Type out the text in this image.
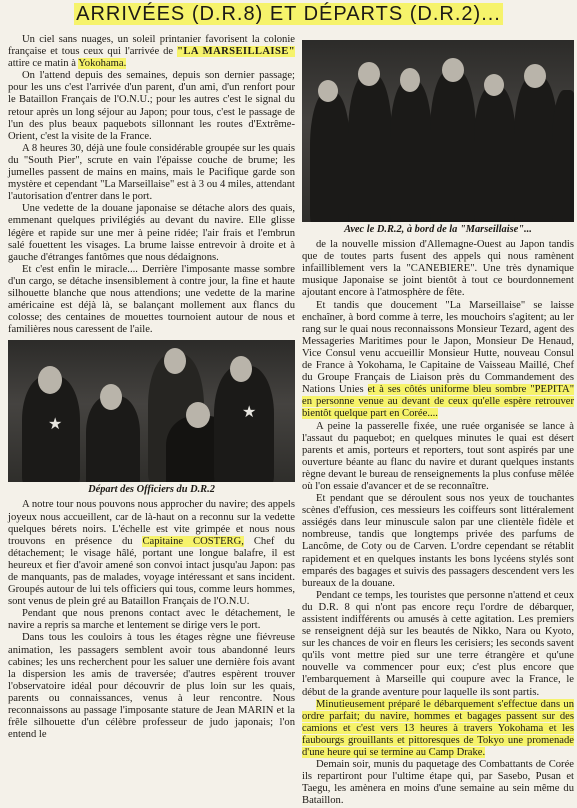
ARRIVÉES (D.R.8) ET DÉPARTS (D.R.2)...

Un ciel sans nuages, un soleil printanier favorisent la colonie française et tous ceux qui l'arrivée de "LA MARSEILLAISE" attire ce matin à Yokohama.

On l'attend depuis des semaines, depuis son dernier passage; pour les uns c'est l'arrivée d'un parent, d'un ami, d'un renfort pour le Bataillon Français de l'O.N.U.; pour les autres c'est le signal du retour après un long séjour au Japon; pour tous, c'est le passage de l'un des plus beaux paquebots sillonnant les routes d'Extrême-Orient, c'est la visite de la France.

A 8 heures 30, déjà une foule considérable groupée sur les quais du "South Pier", scrute en vain l'épaisse couche de brume; les jumelles passent de mains en mains, mais le Pacifique garde son mystère et cependant "La Marseillaise" est à 3 ou 4 miles, attendant l'autorisation d'entrer dans le port.

Une vedette de la douane japonaise se détache alors des quais, emmenant quelques privilégiés au devant du navire. Elle glisse légère et rapide sur une mer à peine ridée; l'air frais et l'embrun salé fouettent les visages. La brume laisse entrevoir à droite et à gauche d'étranges fantômes que nous dédaignons.

Et c'est enfin le miracle.... Derrière l'imposante masse sombre d'un cargo, se détache insensiblement à contre jour, la fine et haute silhouette blanche que nous attendions; une vedette de la marine américaine est déjà là, se balançant mollement aux flancs du colosse; des centaines de mouettes tournoient autour de nous et familières nous caressent de l'aile.

★
★
Départ des Officiers du D.R.2

A notre tour nous pouvons nous approcher du navire; des appels joyeux nous accueillent, car de là-haut on a reconnu sur la vedette quelques bérets noirs. L'échelle est vite grimpée et nous nous trouvons en présence du Capitaine COSTERG, Chef du détachement; le visage hâlé, portant une longue balafre, il est heureux et fier d'avoir amené son convoi intact jusqu'au Japon: pas de manquants, pas de malades, voyage intéressant et sans incident. Groupés autour de lui tels officiers qui tous, comme leurs hommes, sont venus de plein gré au Bataillon Français de l'O.N.U.

Pendant que nous prenons contact avec le détachement, le navire a repris sa marche et lentement se dirige vers le port.

Dans tous les couloirs à tous les étages règne une fiévreuse animation, les passagers semblent avoir tous abandonné leurs cabines; les uns recherchent pour les saluer une dernière fois avant la dispersion les amis de traversée; d'autres espèrent trouver l'observatoire idéal pour découvrir de plus loin sur les quais, parents ou connaissances, venus à leur rencontre. Nous reconnaissons au passage l'imposante stature de Jean MARIN et la frêle silhouette d'un célèbre professeur de judo japonais; l'on entend le

Avec le D.R.2, à bord de la "Marseillaise"...

de la nouvelle mission d'Allemagne-Ouest au Japon tandis que de toutes parts fusent des appels qui nous ramènent infailliblement vers la "CANEBIERE". Une très dynamique musique Japonaise se joint bientôt à tout ce bourdonnement ajoutant encore à l'atmosphère de fête.

Et tandis que doucement "La Marseillaise" se laisse enchaîner, à bord comme à terre, les mouchoirs s'agitent; au ler rang sur le quai nous reconnaissons Monsieur Tezard, agent des Messageries Maritimes pour le Japon, Monsieur De Henaud, Vice Consul venu accueillir Monsieur Hutte, nouveau Consul de France à Yokohama, le Capitaine de Vaisseau Maillé, Chef du Groupe Français de Liaison près du Commandement des Nations Unies et à ses côtés uniforme bleu sombre "PEPITA" en personne venue au devant de ceux qu'elle espère retrouver bientôt quelque part en Corée....

A peine la passerelle fixée, une ruée organisée se lance à l'assaut du paquebot; en quelques minutes le quai est désert parents et amis, porteurs et reporters, tout sont aspirés par une ouverture béante au flanc du navire et durant quelques instants règne devant le bureau de renseignements la plus confuse mêlée où l'on essaie d'avancer et de se reconnaître.

Et pendant que se déroulent sous nos yeux de touchantes scènes d'effusion, ces messieurs les coiffeurs sont littéralement assiégés dans leur minuscule salon par une clientèle fidèle et nombreuse, tandis que longtemps privée des parfums de Lancôme, de Coty ou de Carven. L'ordre cependant se rétablit rapidement et en quelques instants les bons lycéens stylés sont emparés des bagages et suivis des passagers descendent vers les bureaux de la douane.

Pendant ce temps, les touristes que personne n'attend et ceux du D.R. 8 qui n'ont pas encore reçu l'ordre de débarquer, assistent indifférents ou amusés à cette agitation. Les premiers se renseignent déjà sur les beautés de Nikko, Nara ou Kyoto, sur les chances de voir en fleurs les cerisiers; les seconds savent qu'ils vont mettre pied sur une terre étrangère et qu'une nouvelle va commencer pour eux; c'est plus encore que l'embarquement à Marseille qui coupure avec la France, le début de la grande aventure pour laquelle ils sont partis.

Minutieusement préparé le débarquement s'effectue dans un ordre parfait; du navire, hommes et bagages passent sur des camions et c'est vers 13 heures à travers Yokohama et les faubourgs grouillants et pittoresques de Tokyo une promenade d'une heure qui se termine au Camp Drake.

Demain soir, munis du paquetage des Combattants de Corée ils repartiront pour l'ultime étape qui, par Sasebo, Pusan et Taegu, les amènera en moins d'une semaine au sein même du Bataillon.
